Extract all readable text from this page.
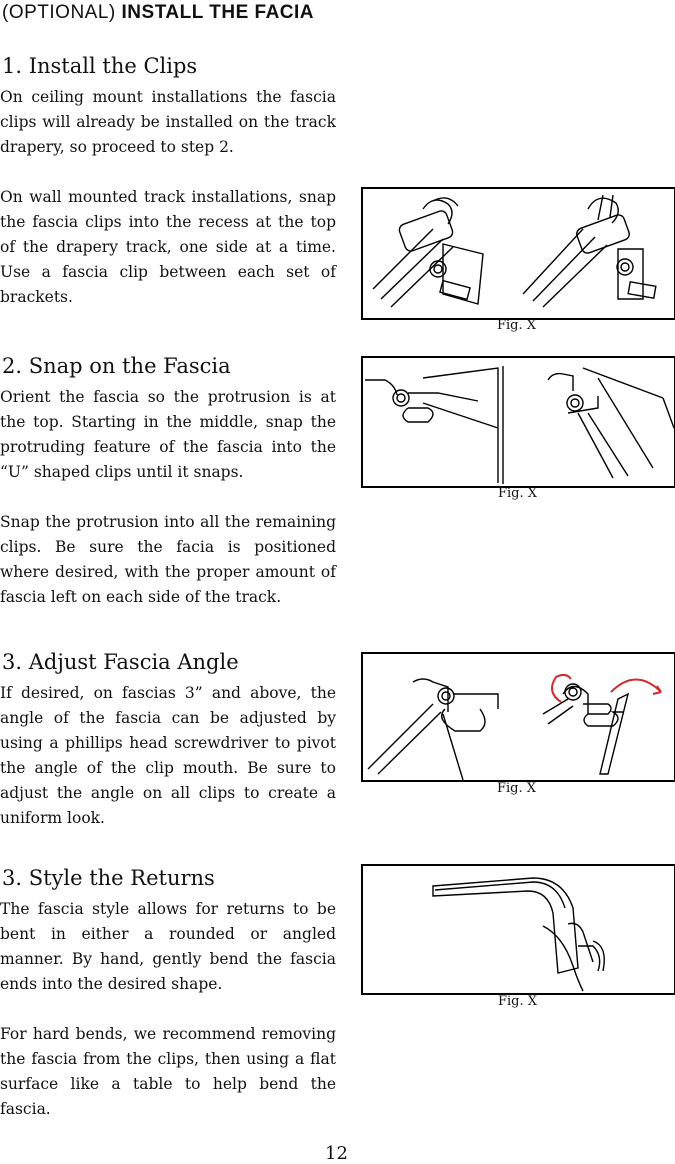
(OPTIONAL) INSTALL THE FACIA
1. Install the Clips

On ceiling mount installations the fascia clips will already be installed on the track drapery, so proceed to step 2.

On wall mounted track installations, snap the fascia clips into the recess at the top of the drapery track, one side at a time. Use a fascia clip between each set of brackets.

2. Snap on the Fascia

Orient the fascia so the protrusion is at the top. Starting in the middle, snap the protruding feature of the fascia into the “U” shaped clips until it snaps.

Snap the protrusion into all the remaining clips. Be sure the facia is positioned where desired, with the proper amount of fascia left on each side of the track.

3. Adjust Fascia Angle

If desired, on fascias 3” and above, the angle of the fascia can be adjusted by using a phillips head screwdriver to pivot the angle of the clip mouth. Be sure to adjust the angle on all clips to create a uniform look.

3. Style the Returns

The fascia style allows for returns to be bent in either a rounded or angled manner. By hand, gently bend the fascia ends into the desired shape.

For hard bends, we recommend removing the fascia from the clips, then using a flat surface like a table to help bend the fascia.

Fig. X
Fig. X
Fig. X
Fig. X
12
